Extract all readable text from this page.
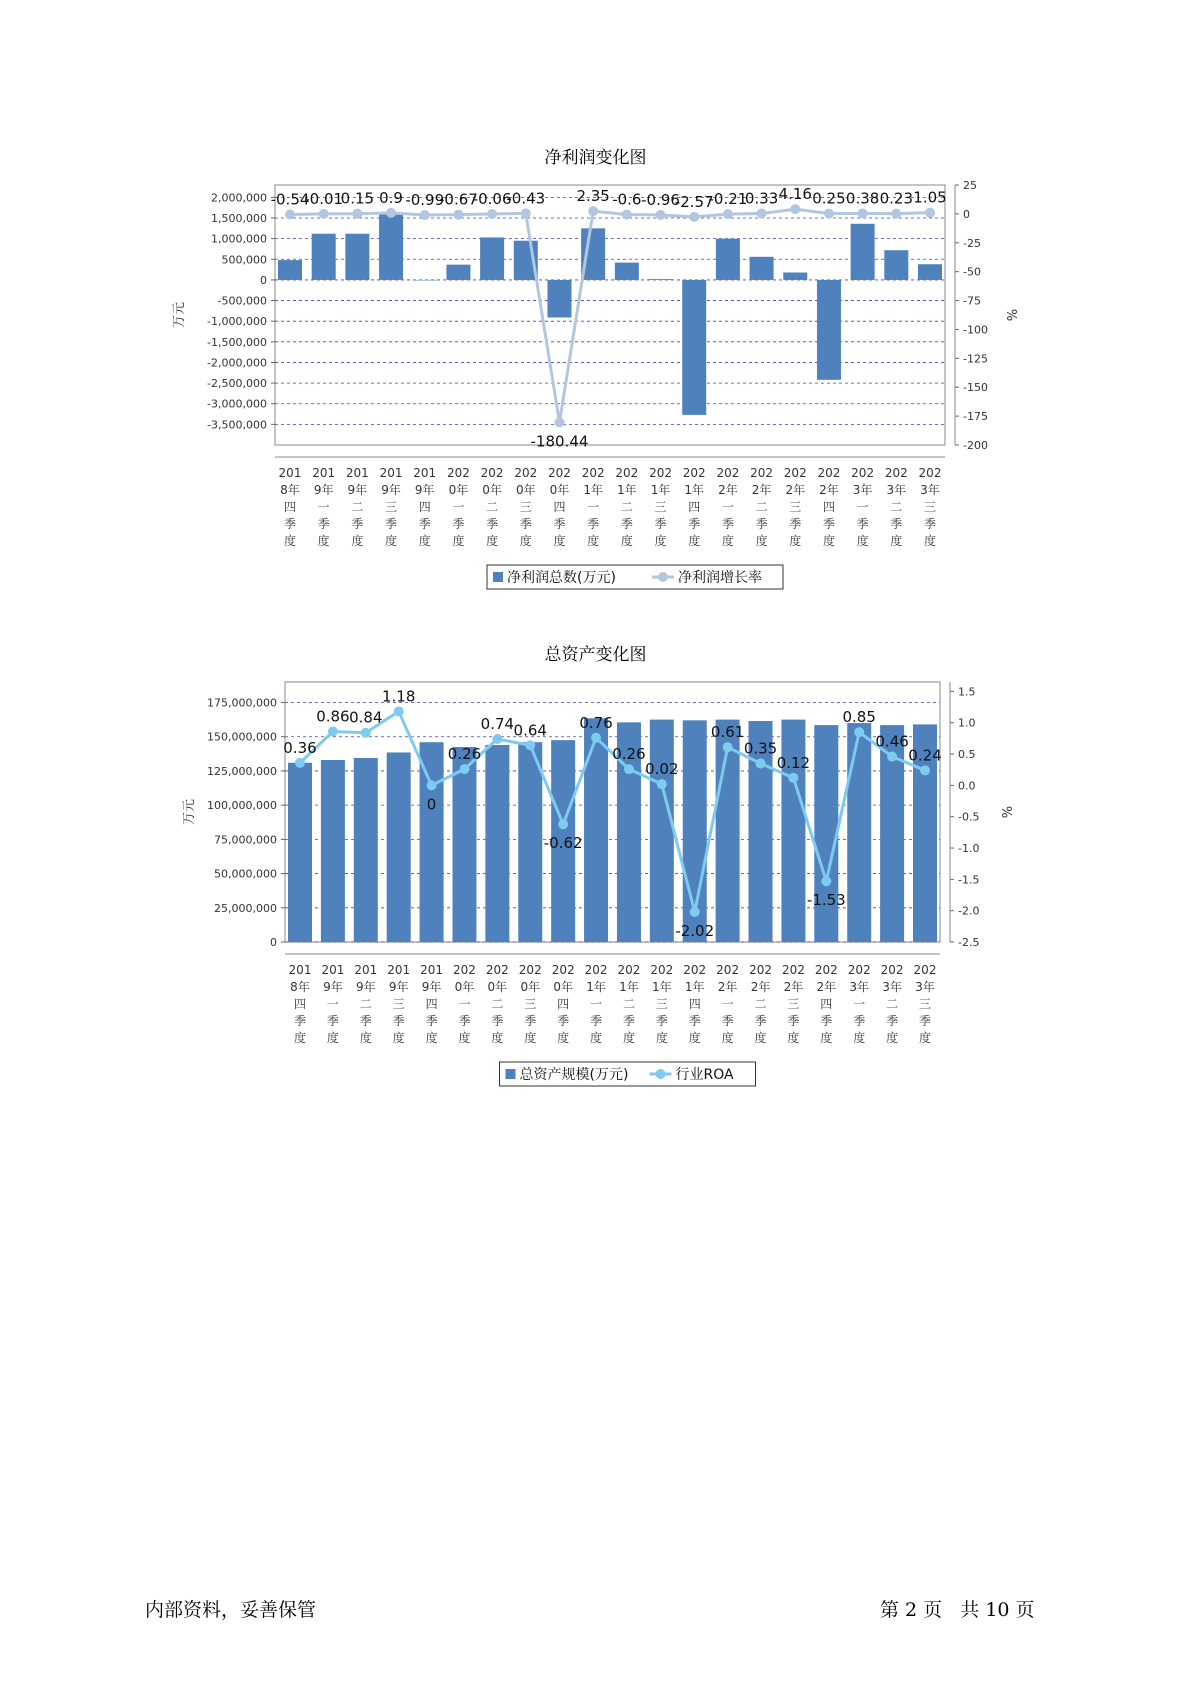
净利润变化图
2,000,000
1,500,000
1,000,000
500,000
0
-500,000
-1,000,000
-1,500,000
-2,000,000
-2,500,000
-3,000,000
-3,500,000
25
0
-25
-50
-75
-100
-125
-150
-175
-200
万元	%
-0.54
-0.01
0.15 0.9 -0.99
-0.67
-0.06
-0.43
-180.44
2.35 -0.6 -0.96
-2.57
-0.21
0.33 4.16 0.25 0.38 0.23 1.05
201 8年四季度
201 9年一季度
201 9年二季度
201 9年三季度
201 9年四季度
202 0年一季度
202 0年二季度
202 0年三季度
202 0年四季度
202 1年一季度
202 1年二季度
202 1年三季度
202 1年四季度
202 2年一季度
202 2年二季度
202 2年三季度
202 2年四季度
202 3年一季度
202 3年二季度
202 3年三季度
净利润总数(万元)	净利润增长率
总资产变化图
175,000,000
150,000,000
125,000,000
100,000,000
75,000,000
50,000,000
25,000,000
0
1.5
1.0
0.5
0.0
-0.5
-1.0
-1.5
-2.0
-2.5
万元	%
0.36
0.86 0.84
1.18
0
0.26
0.74 0.64
-0.62
0.76
0.26
0.02
-2.02
0.61
0.35
0.12
-1.53
0.85
0.46
0.24
201 8年四季度
201 9年一季度
201 9年二季度
201 9年三季度
201 9年四季度
202 0年一季度
202 0年二季度
202 0年三季度
202 0年四季度
202 1年一季度
202 1年二季度
202 1年三季度
202 1年四季度
202 2年一季度
202 2年二季度
202 2年三季度
202 2年四季度
202 3年一季度
202 3年二季度
202 3年三季度
总资产规模(万元)	行业ROA
内部资料，妥善保管	第 2 页   共 10 页
